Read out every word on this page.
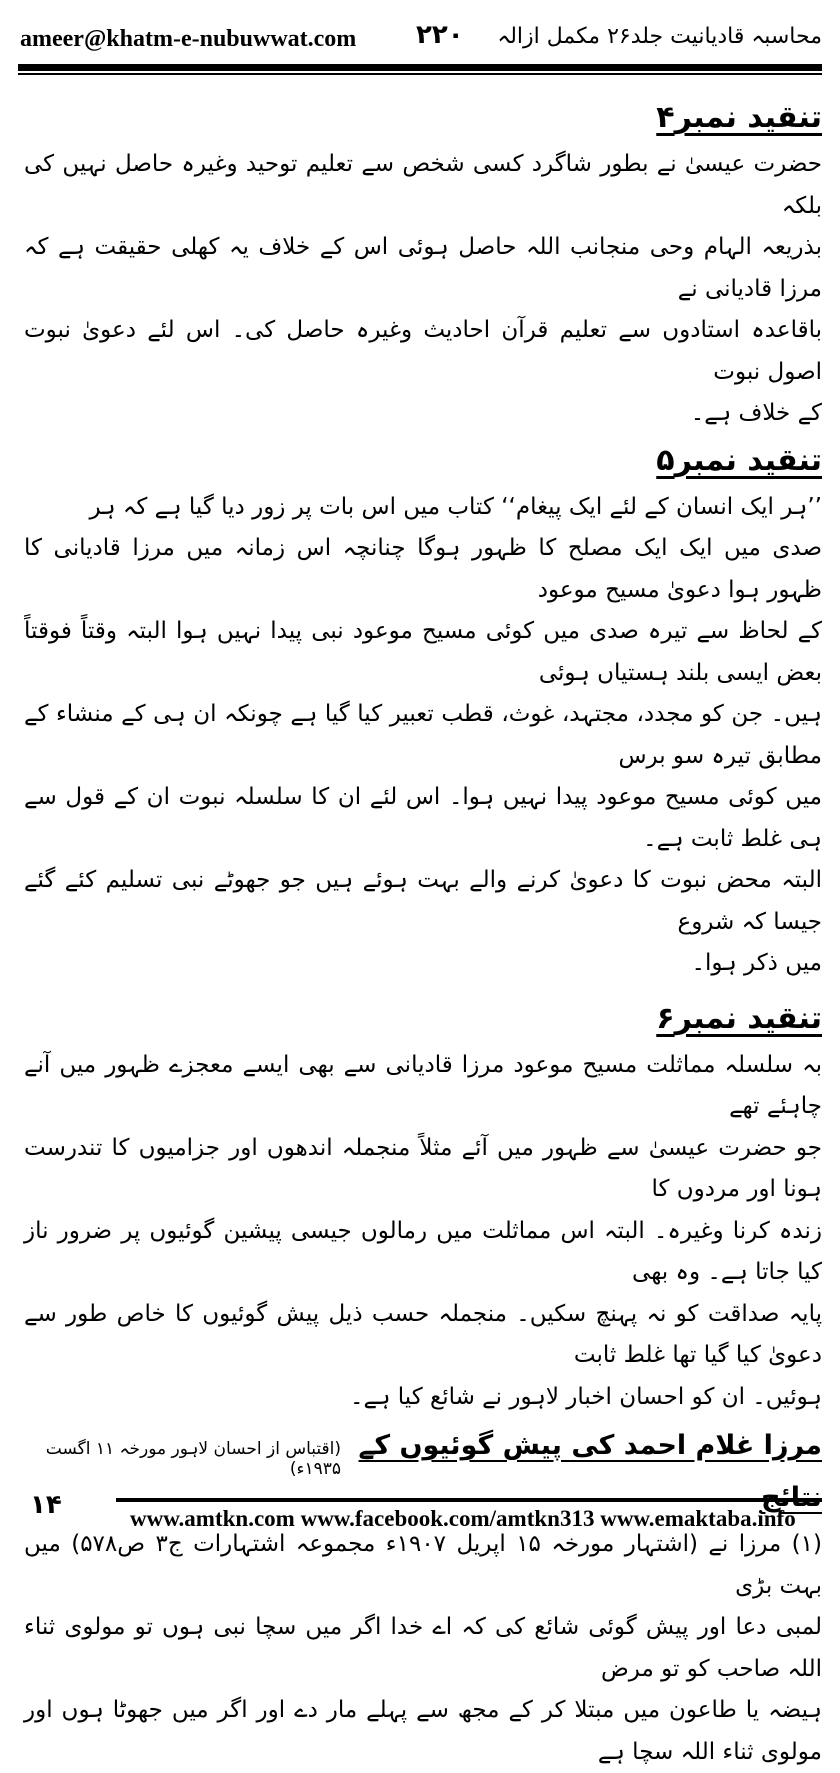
ameer@khatm-e-nubuwwat.com ۲۲۰ محاسبہ قادیانیت جلد۲۶ مکمل ازالہ

تنقید نمبر۴

حضرت عیسیٰ نے بطور شاگرد کسی شخص سے تعلیم توحید وغیرہ حاصل نہیں کی بلکہ

بذریعہ الہام وحی منجانب اللہ حاصل ہوئی اس کے خلاف یہ کھلی حقیقت ہے کہ مرزا قادیانی نے

باقاعدہ استادوں سے تعلیم قرآن احادیث وغیرہ حاصل کی۔ اس لئے دعویٰ نبوت اصول نبوت

کے خلاف ہے۔

تنقید نمبر۵

’’ہر ایک انسان کے لئے ایک پیغام‘‘ کتاب میں اس بات پر زور دیا گیا ہے کہ ہر

صدی میں ایک ایک مصلح کا ظہور ہوگا چنانچہ اس زمانہ میں مرزا قادیانی کا ظہور ہوا دعویٰ مسیح موعود

کے لحاظ سے تیرہ صدی میں کوئی مسیح موعود نبی پیدا نہیں ہوا البتہ وقتاً فوقتاً بعض ایسی بلند ہستیاں ہوئی

ہیں۔ جن کو مجدد، مجتہد، غوث، قطب تعبیر کیا گیا ہے چونکہ ان ہی کے منشاء کے مطابق تیرہ سو برس

میں کوئی مسیح موعود پیدا نہیں ہوا۔ اس لئے ان کا سلسلہ نبوت ان کے قول سے ہی غلط ثابت ہے۔

البتہ محض نبوت کا دعویٰ کرنے والے بہت ہوئے ہیں جو جھوٹے نبی تسلیم کئے گئے جیسا کہ شروع

میں ذکر ہوا۔

تنقید نمبر۶

بہ سلسلہ مماثلت مسیح موعود مرزا قادیانی سے بھی ایسے معجزے ظہور میں آنے چاہئے تھے

جو حضرت عیسیٰ سے ظہور میں آئے مثلاً منجملہ اندھوں اور جزامیوں کا تندرست ہونا اور مردوں کا

زندہ کرنا وغیرہ۔ البتہ اس مماثلت میں رمالوں جیسی پیشین گوئیوں پر ضرور ناز کیا جاتا ہے۔ وہ بھی

پایہ صداقت کو نہ پہنچ سکیں۔ منجملہ حسب ذیل پیش گوئیوں کا خاص طور سے دعویٰ کیا گیا تھا غلط ثابت

ہوئیں۔ ان کو احسان اخبار لاہور نے شائع کیا ہے۔

مرزا غلام احمد کی پیش گوئیوں کے

(اقتباس از احسان لاہور مورخہ ۱۱ اگست ۱۹۳۵ء)

(۱) مرزا نے (اشتہار مورخہ ۱۵ اپریل ۱۹۰۷ء مجموعہ اشتہارات ج۳ ص۵۷۸) میں بہت بڑی

لمبی دعا اور پیش گوئی شائع کی کہ اے خدا اگر میں سچا نبی ہوں تو مولوی ثناء اللہ صاحب کو تو مرض

ہیضہ یا طاعون میں مبتلا کر کے مجھ سے پہلے مار دے اور اگر میں جھوٹا ہوں اور مولوی ثناء اللہ سچا ہے

۱۴	www.amtkn.com www.facebook.com/amtkn313 www.emaktaba.info
